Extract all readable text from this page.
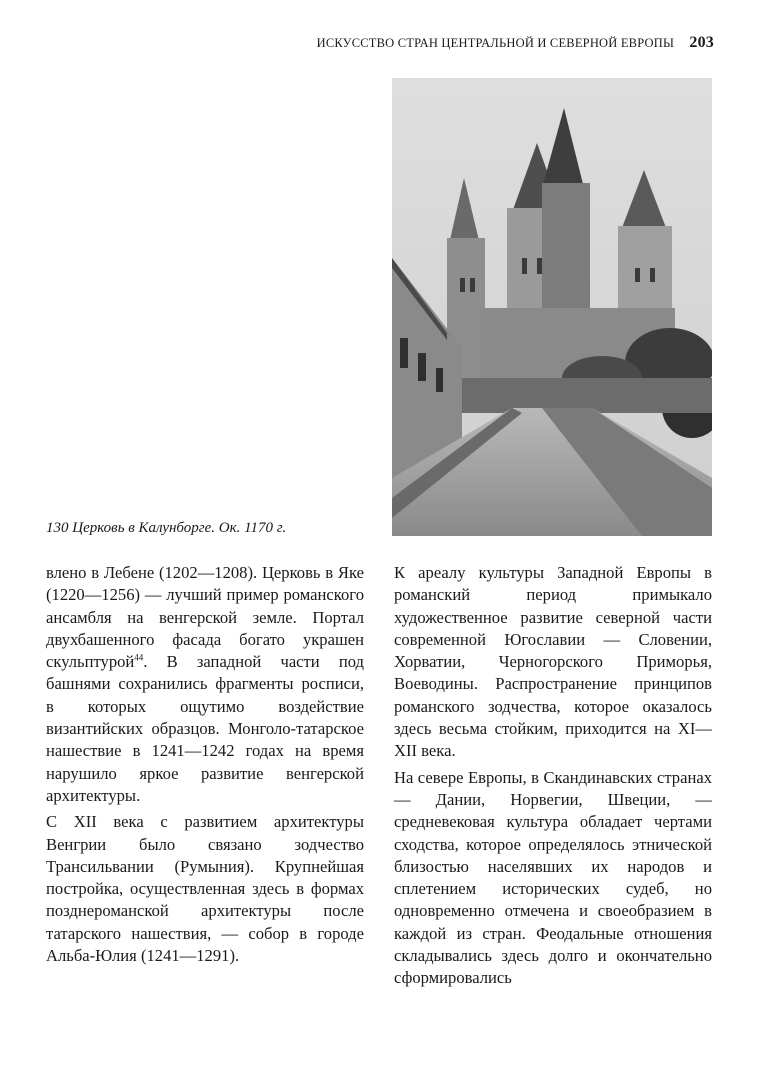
ИСКУССТВО СТРАН ЦЕНТРАЛЬНОЙ И СЕВЕРНОЙ ЕВРОПЫ 203
130 Церковь в Калунборге. Ок. 1170 г.

влено в Лебене (1202—1208). Церковь в Яке (1220—1256) — лучший пример романского ансамбля на венгерской земле. Портал двухбашенного фасада богато украшен скульптурой$^{44}$. В западной части под башнями сохранились фрагменты росписи, в которых ощутимо воздействие византийских образцов. Монголо-татарское нашествие в 1241—1242 годах на время нарушило яркое развитие венгерской архитектуры.

С XII века с развитием архитектуры Венгрии было связано зодчество Трансильвании (Румыния). Крупнейшая постройка, осуществленная здесь в формах позднероманской архитектуры после татарского нашествия, — собор в городе Альба-Юлия (1241—1291).

К ареалу культуры Западной Европы в романский период примыкало художественное развитие северной части современной Югославии — Словении, Хорватии, Черногорского Приморья, Воеводины. Распространение принципов романского зодчества, которое оказалось здесь весьма стойким, приходится на XI—XII века.

На севере Европы, в Скандинавских странах — Дании, Норвегии, Швеции, — средневековая культура обладает чертами сходства, которое определялось этнической близостью населявших их народов и сплетением исторических судеб, но одновременно отмечена и своеобразием в каждой из стран. Феодальные отношения складывались здесь долго и окончательно сформировались
